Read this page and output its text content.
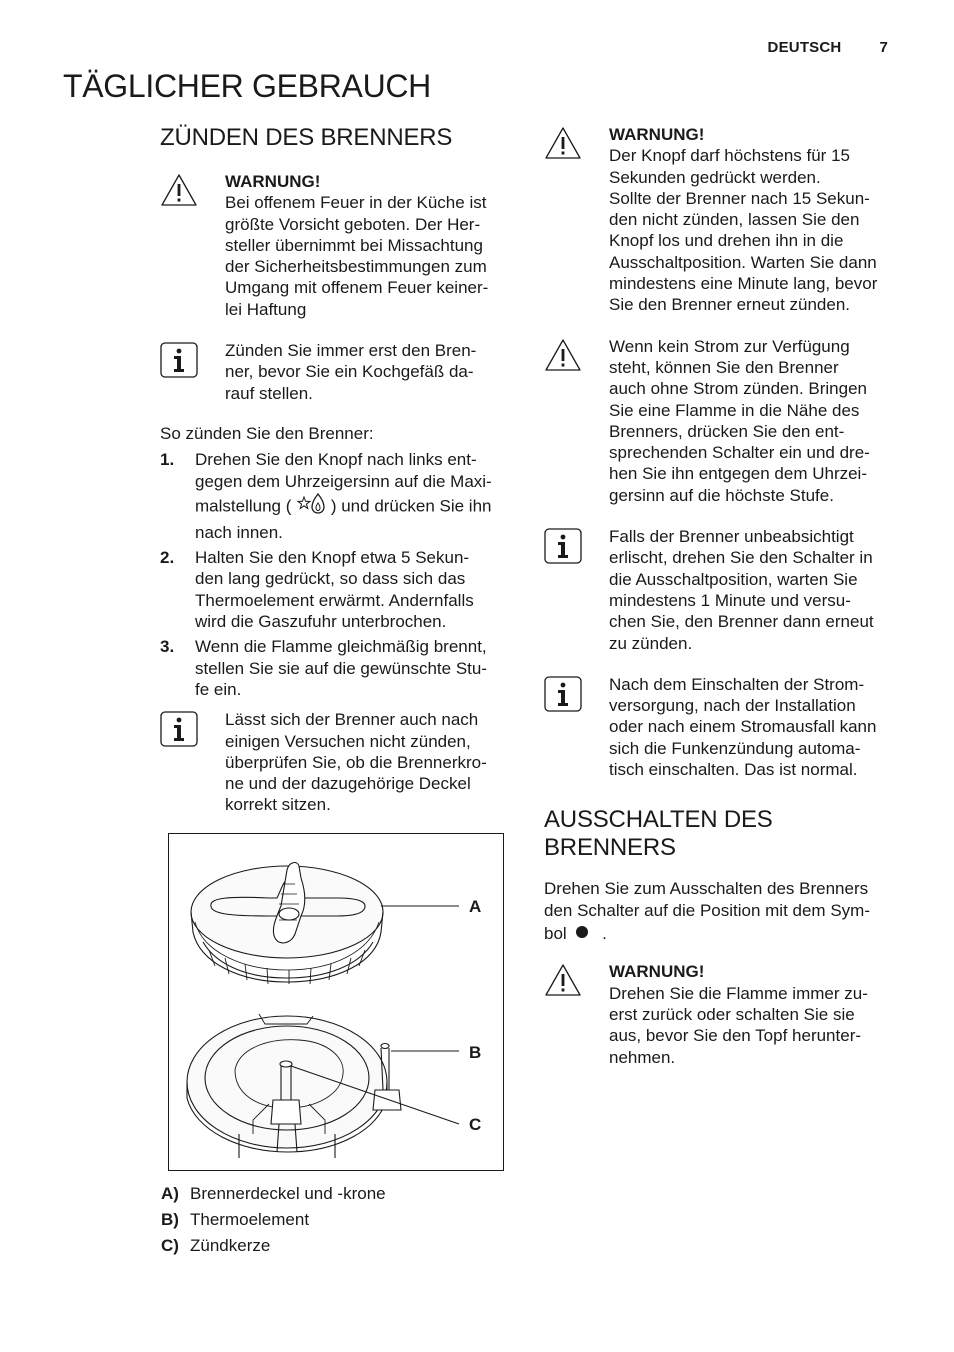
DEUTSCH	7
TÄGLICHER GEBRAUCH
ZÜNDEN DES BRENNERS
WARNUNG!
Bei offenem Feuer in der Küche ist
größte Vorsicht geboten. Der Her-
steller übernimmt bei Missachtung
der Sicherheitsbestimmungen zum
Umgang mit offenem Feuer keiner-
lei Haftung
Zünden Sie immer erst den Bren-
ner, bevor Sie ein Kochgefäß da-
rauf stellen.
So zünden Sie den Brenner:
1.	Drehen Sie den Knopf nach links ent-
gegen dem Uhrzeigersinn auf die Maxi-
malstellung ( ) und drücken Sie ihn
nach innen.
2.	Halten Sie den Knopf etwa 5 Sekun-
den lang gedrückt, so dass sich das
Thermoelement erwärmt. Andernfalls
wird die Gaszufuhr unterbrochen.
3.	Wenn die Flamme gleichmäßig brennt,
stellen Sie sie auf die gewünschte Stu-
fe ein.
Lässt sich der Brenner auch nach
einigen Versuchen nicht zünden,
überprüfen Sie, ob die Brennerkro-
ne und der dazugehörige Deckel
korrekt sitzen.
A
B
C
A) Brennerdeckel und -krone
B) Thermoelement
C) Zündkerze
WARNUNG!
Der Knopf darf höchstens für 15
Sekunden gedrückt werden.
Sollte der Brenner nach 15 Sekun-
den nicht zünden, lassen Sie den
Knopf los und drehen ihn in die
Ausschaltposition. Warten Sie dann
mindestens eine Minute lang, bevor
Sie den Brenner erneut zünden.
Wenn kein Strom zur Verfügung
steht, können Sie den Brenner
auch ohne Strom zünden. Bringen
Sie eine Flamme in die Nähe des
Brenners, drücken Sie den ent-
sprechenden Schalter ein und dre-
hen Sie ihn entgegen dem Uhrzei-
gersinn auf die höchste Stufe.
Falls der Brenner unbeabsichtigt
erlischt, drehen Sie den Schalter in
die Ausschaltposition, warten Sie
mindestens 1 Minute und versu-
chen Sie, den Brenner dann erneut
zu zünden.
Nach dem Einschalten der Strom-
versorgung, nach der Installation
oder nach einem Stromausfall kann
sich die Funkenzündung automa-
tisch einschalten. Das ist normal.
AUSSCHALTEN DES
BRENNERS
Drehen Sie zum Ausschalten des Brenners
den Schalter auf die Position mit dem Sym-
bol .
WARNUNG!
Drehen Sie die Flamme immer zu-
erst zurück oder schalten Sie sie
aus, bevor Sie den Topf herunter-
nehmen.
